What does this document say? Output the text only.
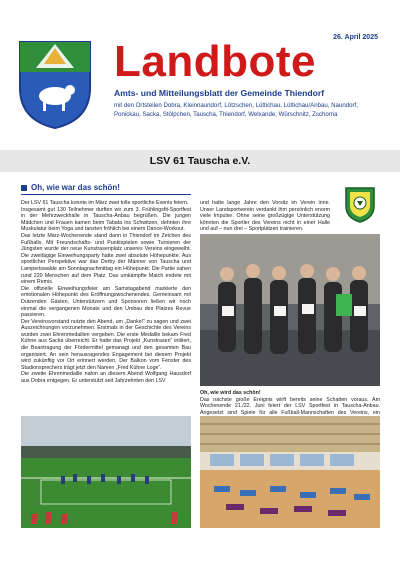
26. April 2025
Landbote
Amts- und Mitteilungsblatt der Gemeinde Thiendorf
mit den Ortsteilen Dobra, Kleinnaundorf, Lötzschen, Lüttichau, Lüttichau/Anbau, Naundorf,
Ponickau, Sacka, Stölpchen, Tauscha, Thiendorf, Welxande, Würschnitz, Zschorna
LSV 61 Tauscha e.V.
Oh, wie war das schön!

Der LSV 61 Tauscha konnte im März zwei tolle sportliche Events feiern.

Insgesamt gut 130 Teilnehmer durften wir zum 3. Frühlingsfit-Sportfest in der Mehrzweckhalle in Tauscha-Anbau begrüßen. Die jungen Mädchen und Frauen kamen beim Tabata ins Schwitzen, dehnten ihre Muskulatur beim Yoga und tanzten fröhlich bei einem Dance-Workout.

Das letzte März-Wochenende stand dann in Thiendorf im Zeichen des Fußballs. Mit Freundschafts- und Punktspielen sowie Turnieren der Jüngsten wurde der neue Kunstrasenplatz unseres Vereins eingeweiht. Die zweitägige Einweihungsparty hatte zwei absolute Höhepunkte. Aus sportlicher Perspektive war das Derby der Männer von Tauscha und Lampertswalde am Sonntagnachmittag ein Höhepunkt. Die Partie sahen rund 220 Menschen auf dem Platz. Das umkämpfte Match endete mit einem Remis.

Die offizielle Einweihungsfeier am Samstagabend markierte den emotionalen Höhepunkt des Eröffnungswochenendes. Gemeinsam mit Dutzenden Gästen, Unterstützern und Sponsoren ließen wir noch einmal die vergangenen Monate und den Umbau des Platzes Revue passieren.

Der Vereinsvorstand nutzte den Abend, um „Danke!“ zu sagen und zwei Auszeichnungen vorzunehmen. Erstmals in der Geschichte des Vereins wurden zwei Ehrenmedaillen vergeben. Die erste Medaille bekam Fred Kühne aus Sacka überreicht. Er hatte das Projekt „Kunstrasen“ initiiert, die Beantragung der Fördermittel gemanagt und den gesamten Bau organisiert. An sein herausragendes Engagement bei diesem Projekt wird zukünftig vor Ort erinnert werden. Der Balkon vom Fenster des Stadionsprechers trägt jetzt den Namen „Fred Kühne Loge“.

Die zweite Ehrenmedaille nahm an diesem Abend Wolfgang Hausdorf aus Dobra entgegen. Er unterstützt seit Jahrzehnten den LSV

und hatte lange Jahre den Vorsitz im Verein inne. Unser Landsportverein verdankt ihm persönlich enorm viele Impulse. Ohne seine großzügige Unterstützung könnten die Sportler des Vereins nicht in einer Halle und auf – nun drei – Sportplätzen trainieren.

Oh, wie wird das schön!

Das nächste große Ereignis wirft bereits seine Schatten voraus. Am Wochenende 21./22. Juni feiert der LSV Sportfest in Tauscha-Anbau. Angesetzt sind Spiele für alle Fußball-Mannschaften des Vereins, ein
